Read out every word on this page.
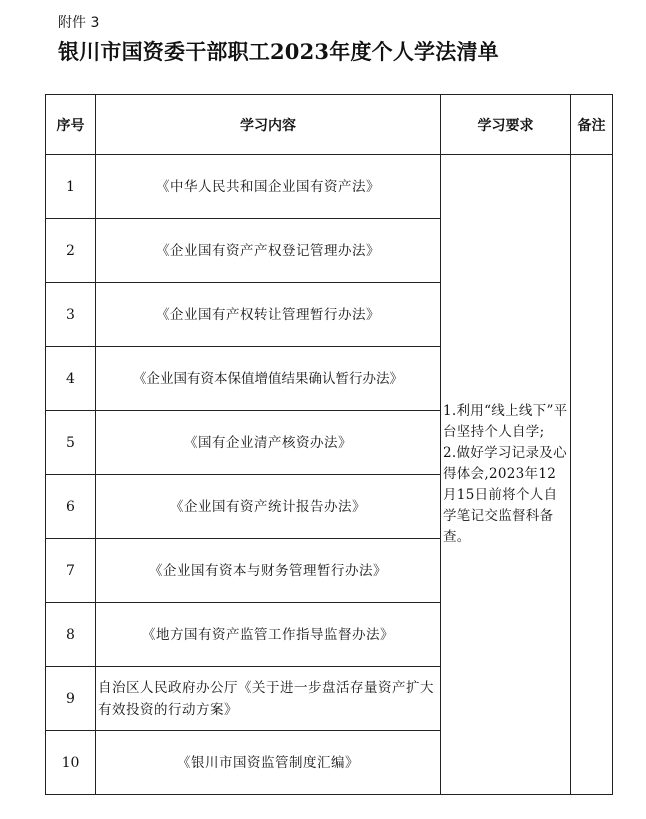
附件 3
银川市国资委干部职工2023年度个人学法清单
序号	学习内容	学习要求	备注
1	《中华人民共和国企业国有资产法》	1.利用“线上线下”平台坚持个人自学;
2.做好学习记录及心得体会,2023年12月15日前将个人自学笔记交监督科备查。	

2	《企业国有资产产权登记管理办法》		
3	《企业国有产权转让管理暂行办法》		
4	《企业国有资本保值增值结果确认暂行办法》		
5	《国有企业清产核资办法》		
6	《企业国有资产统计报告办法》		
7	《企业国有资本与财务管理暂行办法》		
8	《地方国有资产监管工作指导监督办法》		
9	自治区人民政府办公厅《关于进一步盘活存量资产扩大有效投资的行动方案》		
10	《银川市国资监管制度汇编》		
